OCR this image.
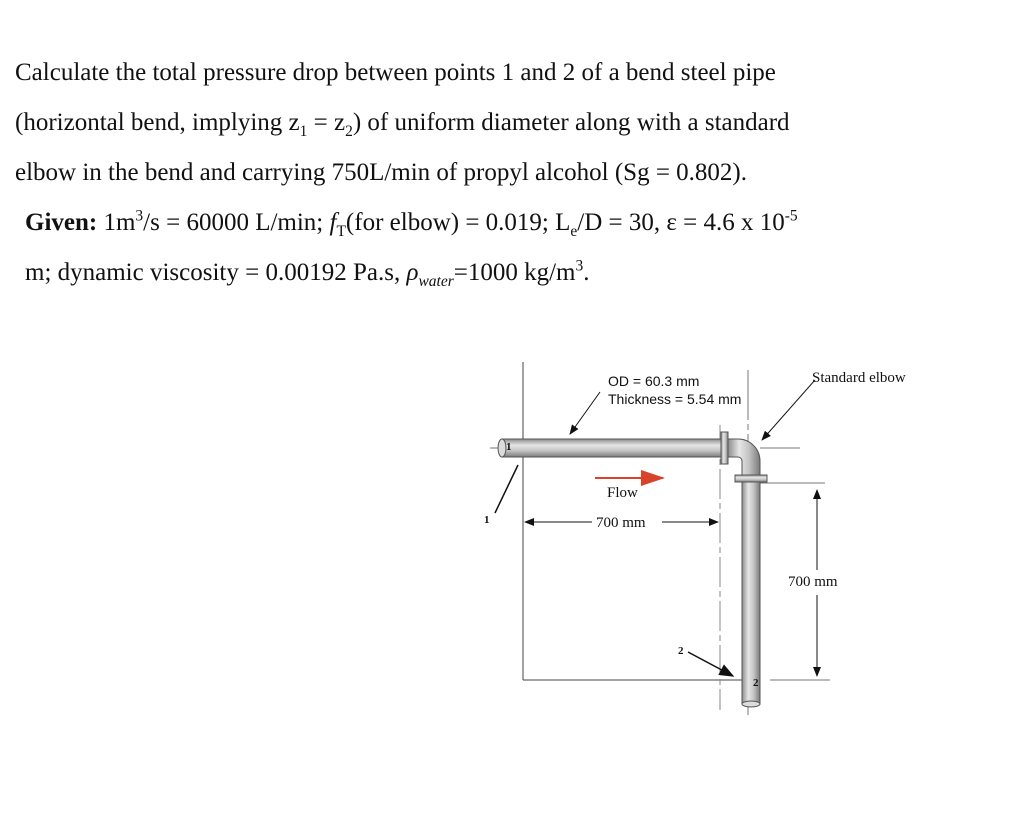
Calculate the total pressure drop between points 1 and 2 of a bend steel pipe
(horizontal bend, implying $z_1 = z_2$) of uniform diameter along with a standard
elbow in the bend and carrying 750L/min of propyl alcohol (Sg = 0.802).
Given: $1m^3/s = 60000$ L/min; $f_T(for$ elbow) = 0.019; $L_e/D = 30$, ε = 4.6 x $10^{-5}$
m; dynamic viscosity = 0.00192 Pa.s, $\rho_{water}=1000$ $kg/m^3$.
OD = 60.3 mm
Thickness = 5.54 mm
Standard elbow
Flow
700 mm
700 mm
1
1
2
2
